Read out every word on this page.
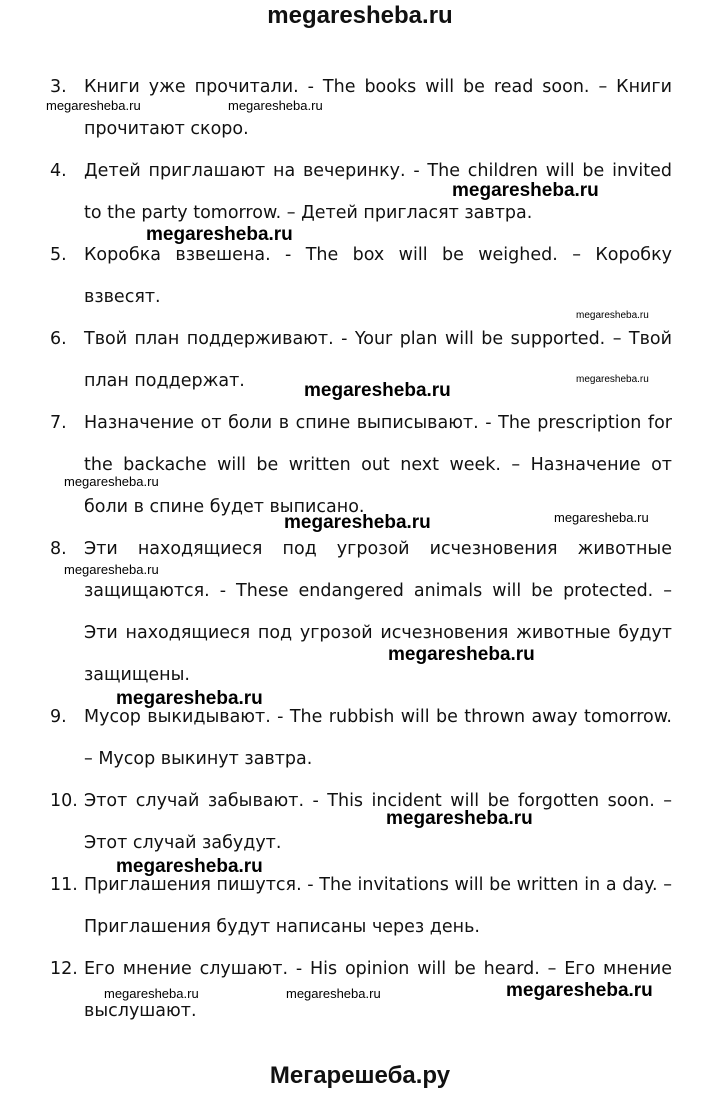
megaresheba.ru
3. Книги уже прочитали. - The books will be read soon. – Книги прочитают скоро.

4. Детей приглашают на вечеринку. - The children will be invited to the party tomorrow. – Детей пригласят завтра.

5. Коробка взвешена. - The box will be weighed. – Коробку взвесят.

6. Твой план поддерживают. - Your plan will be supported. – Твой план поддержат.

7. Назначение от боли в спине выписывают. - The prescription for the backache will be written out next week. – Назначение от боли в спине будет выписано.

8. Эти находящиеся под угрозой исчезновения животные защищаются. - These endangered animals will be protected. – Эти находящиеся под угрозой исчезновения животные будут защищены.

9. Мусор выкидывают. - The rubbish will be thrown away tomorrow. – Мусор выкинут завтра.

10. Этот случай забывают. - This incident will be forgotten soon. – Этот случай забудут.

11. Приглашения пишутся. - The invitations will be written in a day. – Приглашения будут написаны через день.

12. Его мнение слушают. - His opinion will be heard. – Его мнение выслушают.

megaresheba.ru	megaresheba.ru
megaresheba.ru
megaresheba.ru
megaresheba.ru
megaresheba.ru
megaresheba.ru
megaresheba.ru
megaresheba.ru	megaresheba.ru
megaresheba.ru
megaresheba.ru
megaresheba.ru
megaresheba.ru
megaresheba.ru
megaresheba.ru	megaresheba.ru	megaresheba.ru
Мегарешеба.ру
